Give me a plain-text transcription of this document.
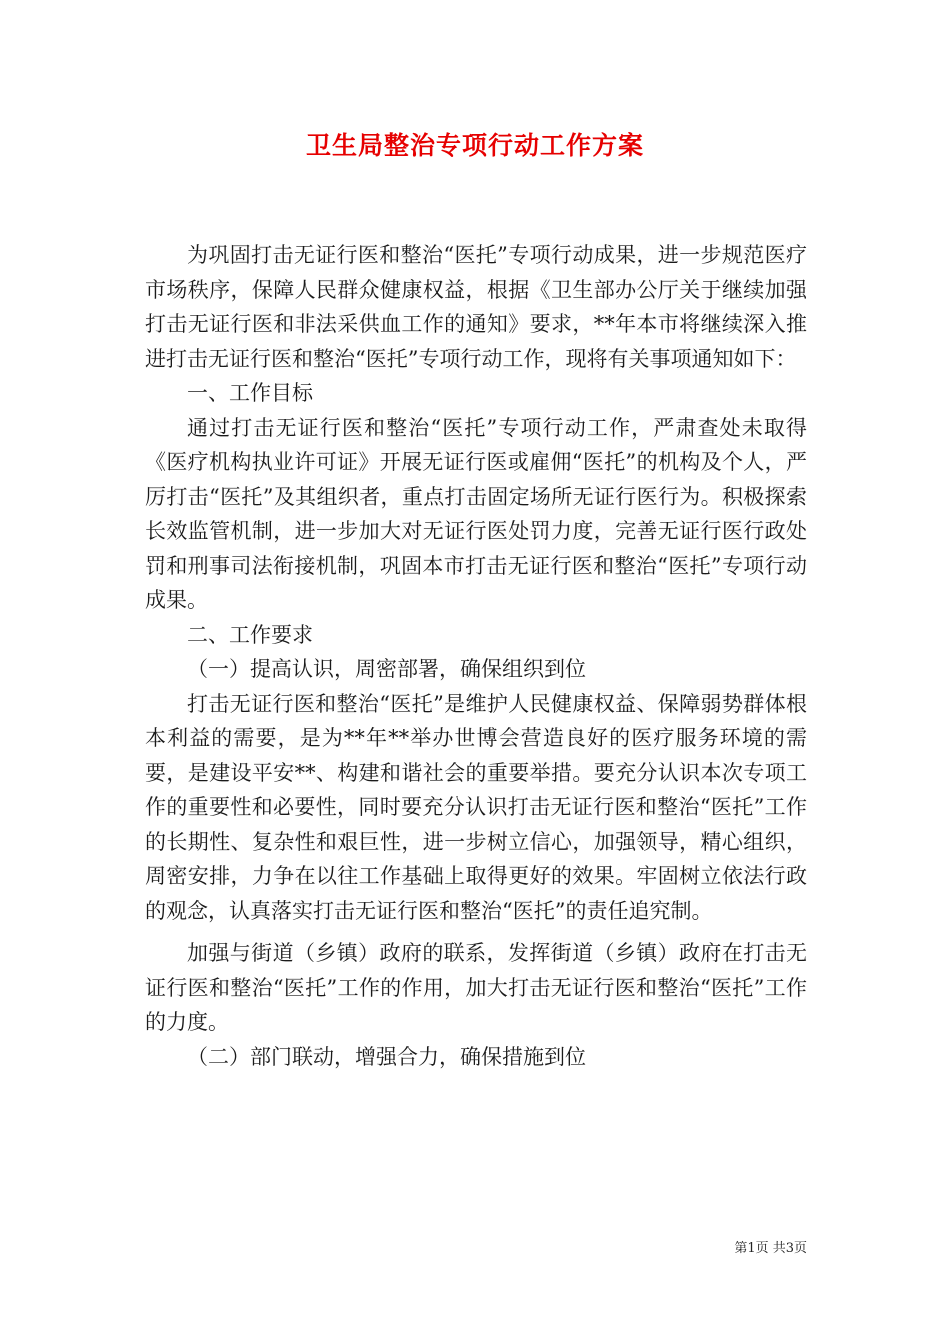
卫生局整治专项行动工作方案

为巩固打击无证行医和整治“医托”专项行动成果，进一步规范医疗市场秩序，保障人民群众健康权益，根据《卫生部办公厅关于继续加强打击无证行医和非法采供血工作的通知》要求，**年本市将继续深入推进打击无证行医和整治“医托”专项行动工作，现将有关事项通知如下：

一、工作目标

通过打击无证行医和整治“医托”专项行动工作，严肃查处未取得《医疗机构执业许可证》开展无证行医或雇佣“医托”的机构及个人，严厉打击“医托”及其组织者，重点打击固定场所无证行医行为。积极探索长效监管机制，进一步加大对无证行医处罚力度，完善无证行医行政处罚和刑事司法衔接机制，巩固本市打击无证行医和整治“医托”专项行动成果。

二、工作要求

（一）提高认识，周密部署，确保组织到位

打击无证行医和整治“医托”是维护人民健康权益、保障弱势群体根本利益的需要，是为**年**举办世博会营造良好的医疗服务环境的需要，是建设平安**、构建和谐社会的重要举措。要充分认识本次专项工作的重要性和必要性，同时要充分认识打击无证行医和整治“医托”工作的长期性、复杂性和艰巨性，进一步树立信心，加强领导，精心组织，周密安排，力争在以往工作基础上取得更好的效果。牢固树立依法行政的观念，认真落实打击无证行医和整治“医托”的责任追究制。

加强与街道（乡镇）政府的联系，发挥街道（乡镇）政府在打击无证行医和整治“医托”工作的作用，加大打击无证行医和整治“医托”工作的力度。

（二）部门联动，增强合力，确保措施到位

第1页 共3页
